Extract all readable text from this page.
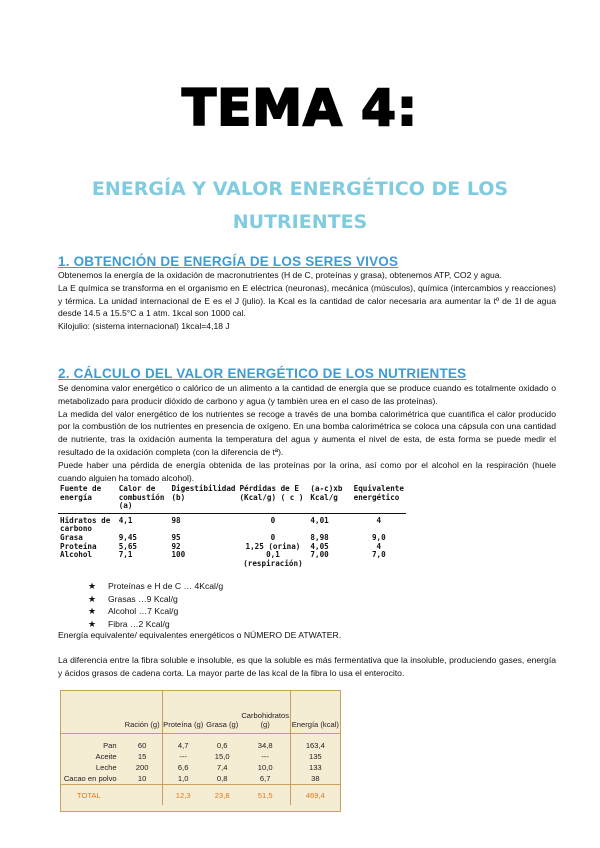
TEMA 4:
ENERGÍA Y VALOR ENERGÉTICO DE LOS
NUTRIENTES
1. OBTENCIÓN DE ENERGÍA DE LOS SERES VIVOS

Obtenemos la energía de la oxidación de macronutrientes (H de C, proteínas y grasa), obtenemos ATP, CO2 y agua.

La E química se transforma en el organismo en E eléctrica (neuronas), mecánica (músculos), química (intercambios y reacciones) y térmica. La unidad internacional de E es el J (julio). la Kcal es la cantidad de calor necesaria ara aumentar la tº de 1l de agua desde 14.5 a 15.5°C a 1 atm. 1kcal son 1000 cal.

Kilojulio: (sistema internacional) 1kcal=4,18 J

2. CÁLCULO DEL VALOR ENERGÉTICO DE LOS NUTRIENTES

Se denomina valor energético o calórico de un alimento a la cantidad de energía que se produce cuando es totalmente oxidado o metabolizado para producir dióxido de carbono y agua (y también urea en el caso de las proteínas).

La medida del valor energético de los nutrientes se recoge a través de una bomba calorimétrica que cuantifica el calor producido por la combustión de los nutrientes en presencia de oxígeno. En una bomba calorimétrica se coloca una cápsula con una cantidad de nutriente, tras la oxidación aumenta la temperatura del agua y aumenta el nivel de esta, de esta forma se puede medir el resultado de la oxidación completa (con la diferencia de tª).

Puede haber una pérdida de energía obtenida de las proteínas por la orina, así como por el alcohol en la respiración (huele cuando alguien ha tomado alcohol).

Fuente de energía	Calor de combustión (a)	Digestibilidad (b)	Pérdidas de E (Kcal/g) ( c )	(a-c)xb Kcal/g	Equivalente energético
Hidratos de carbono	4,1	98	0	4,01	4
Grasa	9,45	95	0	8,98	9,0
Proteína	5,65	92	1,25 (orina)	4,05	4
Alcohol	7,1	100	0,1 (respiración)	7,00	7,0
★ Proteínas e H de C … 4Kcal/g
★ Grasas …9 Kcal/g
★ Alcohol …7 Kcal/g
★ Fibra …2 Kcal/g
Energía equivalente/ equivalentes energéticos o NÚMERO DE ATWATER.
La diferencia entre la fibra soluble e insoluble, es que la soluble es más fermentativa que la insoluble, produciendo gases, energía y ácidos grasos de cadena corta. La mayor parte de las kcal de la fibra lo usa el enterocito.
	Ración (g)	Proteína (g)	Grasa (g)	Carbohidratos (g)	Energía (kcal)
Pan	60	4,7	0,6	34,8	163,4
Aceite	15	---	15,0	---	135
Leche	200	6,6	7,4	10,0	133
Cacao en polvo	10	1,0	0,8	6,7	38
TOTAL		12,3	23,8	51,5	469,4
